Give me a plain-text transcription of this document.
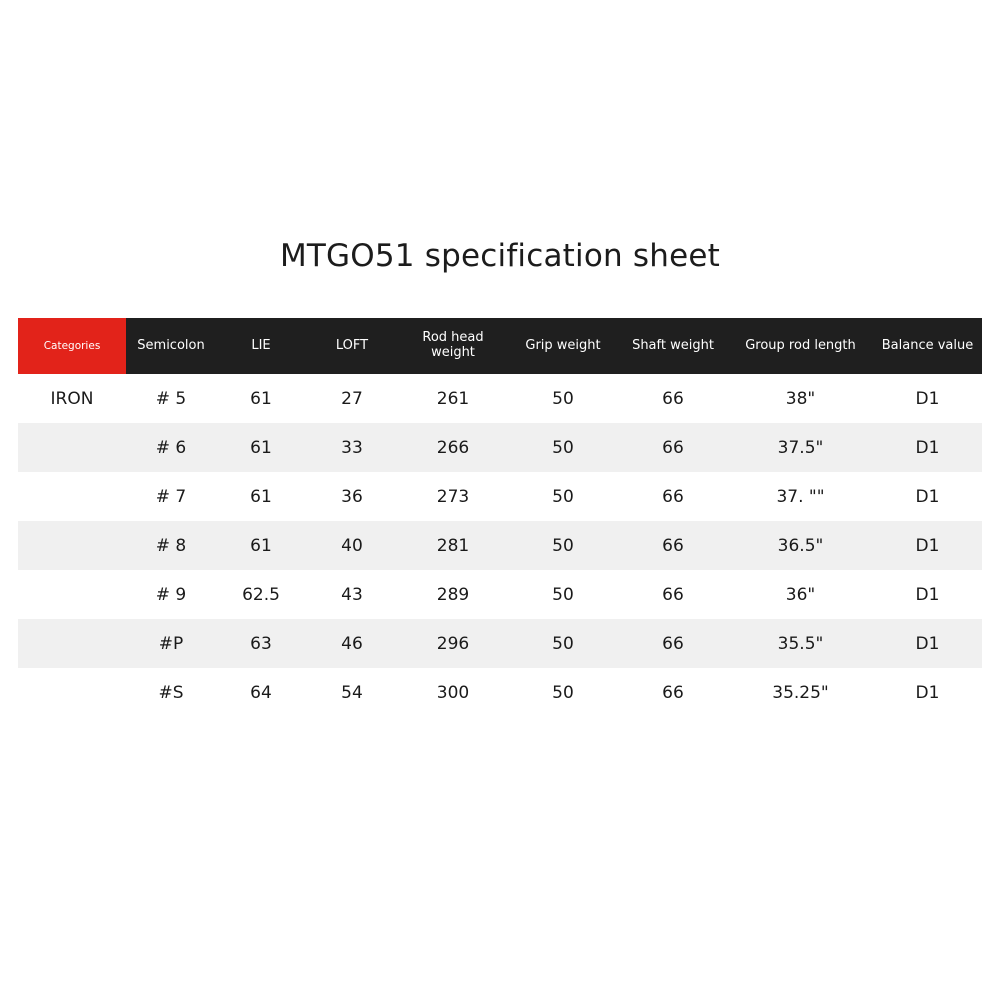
MTGO51 specification sheet
Categories	Semicolon	LIE	LOFT	Rod head weight	Grip weight	Shaft weight	Group rod length	Balance value
IRON	# 5	61	27	261	50	66	38"	D1
	# 6	61	33	266	50	66	37.5"	D1
	# 7	61	36	273	50	66	37. ""	D1
	# 8	61	40	281	50	66	36.5"	D1
	# 9	62.5	43	289	50	66	36"	D1
	#P	63	46	296	50	66	35.5"	D1
	#S	64	54	300	50	66	35.25"	D1
